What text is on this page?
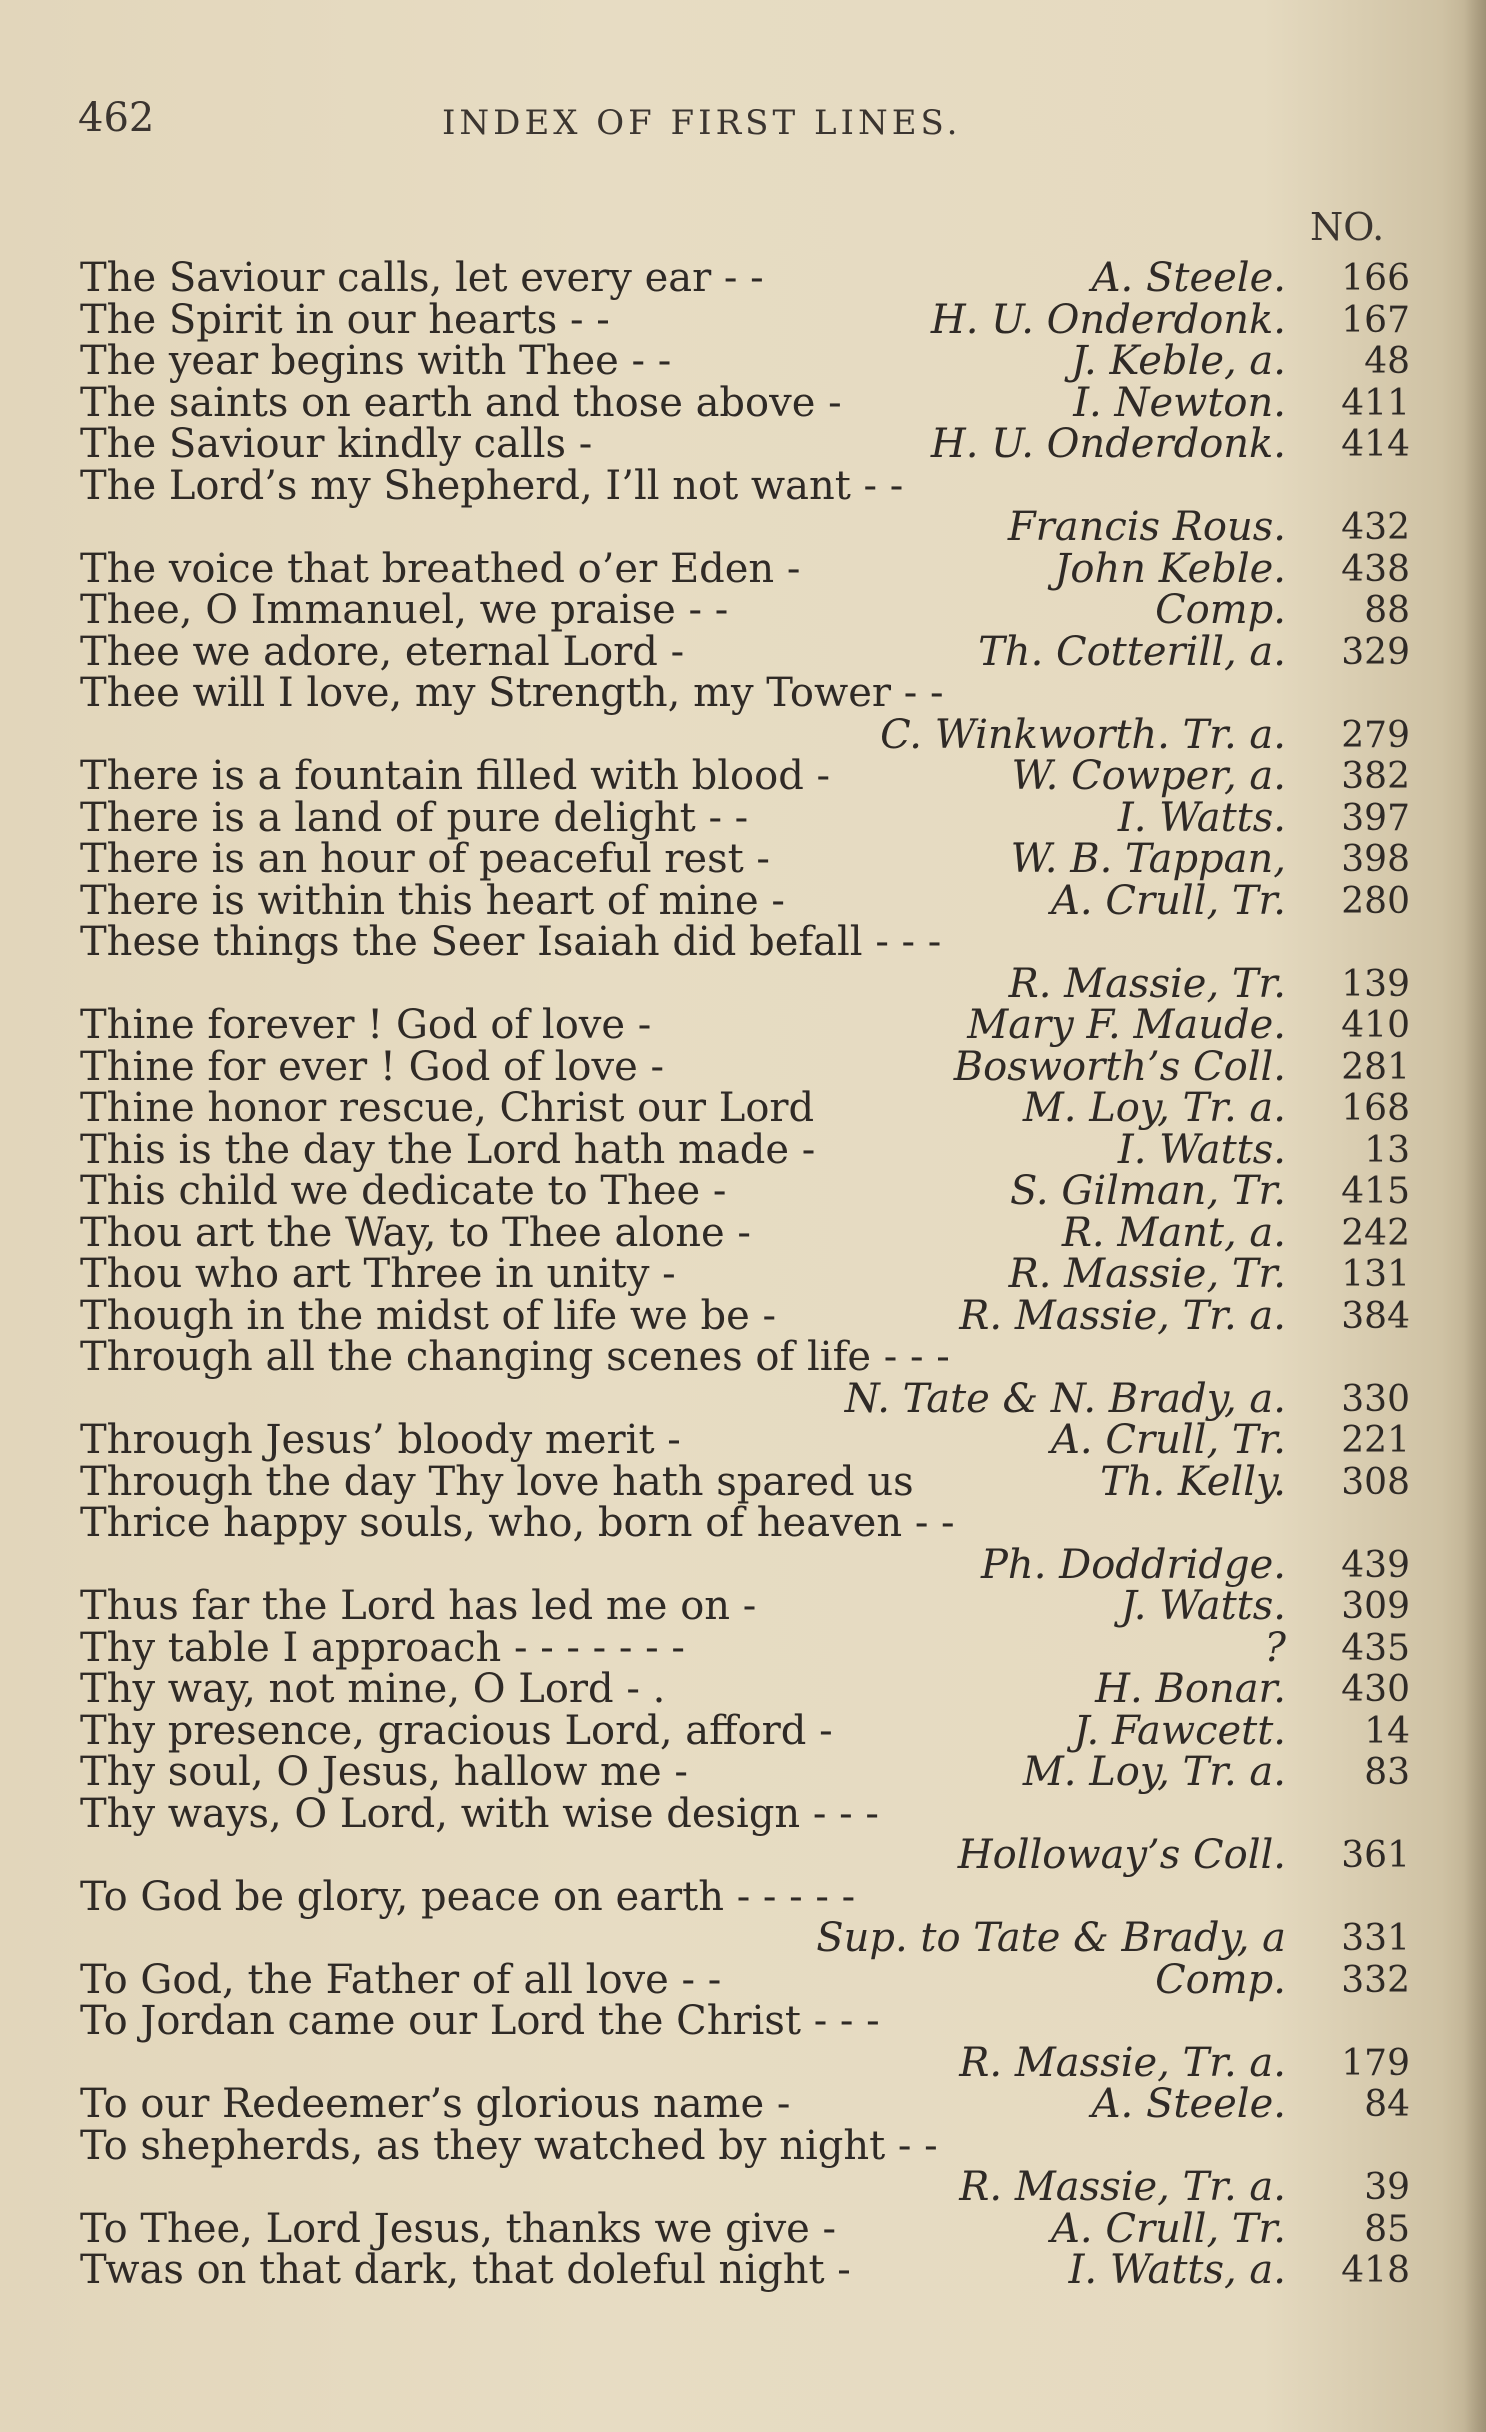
462	INDEX OF FIRST LINES.
NO.
The Saviour calls, let every ear - -	A. Steele.	166
The Spirit in our hearts - -	H. U. Onderdonk.	167
The year begins with Thee - -	J. Keble, a.	48
The saints on earth and those above -	I. Newton.	411
The Saviour kindly calls -	H. U. Onderdonk.	414
The Lord’s my Shepherd, I’ll not want - -
Francis Rous.	432
The voice that breathed o’er Eden -	John Keble.	438
Thee, O Immanuel, we praise - -	Comp.	88
Thee we adore, eternal Lord -	Th. Cotterill, a.	329
Thee will I love, my Strength, my Tower - -
C. Winkworth. Tr. a.	279
There is a fountain filled with blood -	W. Cowper, a.	382
There is a land of pure delight - -	I. Watts.	397
There is an hour of peaceful rest -	W. B. Tappan,	398
There is within this heart of mine -	A. Crull, Tr.	280
These things the Seer Isaiah did befall - - -
R. Massie, Tr.	139
Thine forever ! God of love -	Mary F. Maude.	410
Thine for ever ! God of love -	Bosworth’s Coll.	281
Thine honor rescue, Christ our Lord	M. Loy, Tr. a.	168
This is the day the Lord hath made -	I. Watts.	13
This child we dedicate to Thee -	S. Gilman, Tr.	415
Thou art the Way, to Thee alone -	R. Mant, a.	242
Thou who art Three in unity -	R. Massie, Tr.	131
Though in the midst of life we be -	R. Massie, Tr. a.	384
Through all the changing scenes of life - - -
N. Tate & N. Brady, a.	330
Through Jesus’ bloody merit -	A. Crull, Tr.	221
Through the day Thy love hath spared us	Th. Kelly.	308
Thrice happy souls, who, born of heaven - -
Ph. Doddridge.	439
Thus far the Lord has led me on -	J. Watts.	309
Thy table I approach - - - - - - -	?	435
Thy way, not mine, O Lord - .	H. Bonar.	430
Thy presence, gracious Lord, afford -	J. Fawcett.	14
Thy soul, O Jesus, hallow me -	M. Loy, Tr. a.	83
Thy ways, O Lord, with wise design - - -
Holloway’s Coll.	361
To God be glory, peace on earth - - - - -
Sup. to Tate & Brady, a	331
To God, the Father of all love - -	Comp.	332
To Jordan came our Lord the Christ - - -
R. Massie, Tr. a.	179
To our Redeemer’s glorious name -	A. Steele.	84
To shepherds, as they watched by night - -
R. Massie, Tr. a.	39
To Thee, Lord Jesus, thanks we give -	A. Crull, Tr.	85
Twas on that dark, that doleful night -	I. Watts, a.	418
